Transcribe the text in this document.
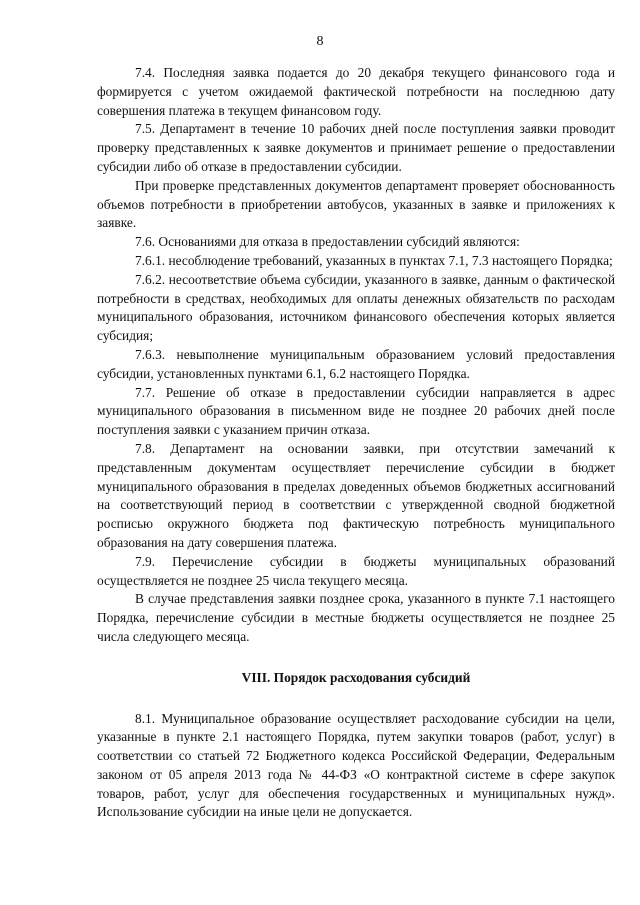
8

7.4. Последняя заявка подается до 20 декабря текущего финансового года и формируется с учетом ожидаемой фактической потребности на последнюю дату совершения платежа в текущем финансовом году.

7.5. Департамент в течение 10 рабочих дней после поступления заявки проводит проверку представленных к заявке документов и принимает решение о предоставлении субсидии либо об отказе в предоставлении субсидии.

При проверке представленных документов департамент проверяет обоснованность объемов потребности в приобретении автобусов, указанных в заявке и приложениях к заявке.

7.6. Основаниями для отказа в предоставлении субсидий являются:

7.6.1. несоблюдение требований, указанных в пунктах 7.1, 7.3 настоящего Порядка;

7.6.2. несоответствие объема субсидии, указанного в заявке, данным о фактической потребности в средствах, необходимых для оплаты денежных обязательств по расходам муниципального образования, источником финансового обеспечения которых является субсидия;

7.6.3. невыполнение муниципальным образованием условий предоставления субсидии, установленных пунктами 6.1, 6.2 настоящего Порядка.

7.7. Решение об отказе в предоставлении субсидии направляется в адрес муниципального образования в письменном виде не позднее 20 рабочих дней после поступления заявки с указанием причин отказа.

7.8. Департамент на основании заявки, при отсутствии замечаний к представленным документам осуществляет перечисление субсидии в бюджет муниципального образования в пределах доведенных объемов бюджетных ассигнований на соответствующий период в соответствии с утвержденной сводной бюджетной росписью окружного бюджета под фактическую потребность муниципального образования на дату совершения платежа.

7.9. Перечисление субсидии в бюджеты муниципальных образований осуществляется не позднее 25 числа текущего месяца.

В случае представления заявки позднее срока, указанного в пункте 7.1 настоящего Порядка, перечисление субсидии в местные бюджеты осуществляется не позднее 25 числа следующего месяца.

VIII. Порядок расходования субсидий

8.1. Муниципальное образование осуществляет расходование субсидии на цели, указанные в пункте 2.1 настоящего Порядка, путем закупки товаров (работ, услуг) в соответствии со статьей 72 Бюджетного кодекса Российской Федерации, Федеральным законом от 05 апреля 2013 года № 44-ФЗ «О контрактной системе в сфере закупок товаров, работ, услуг для обеспечения государственных и муниципальных нужд». Использование субсидии на иные цели не допускается.
